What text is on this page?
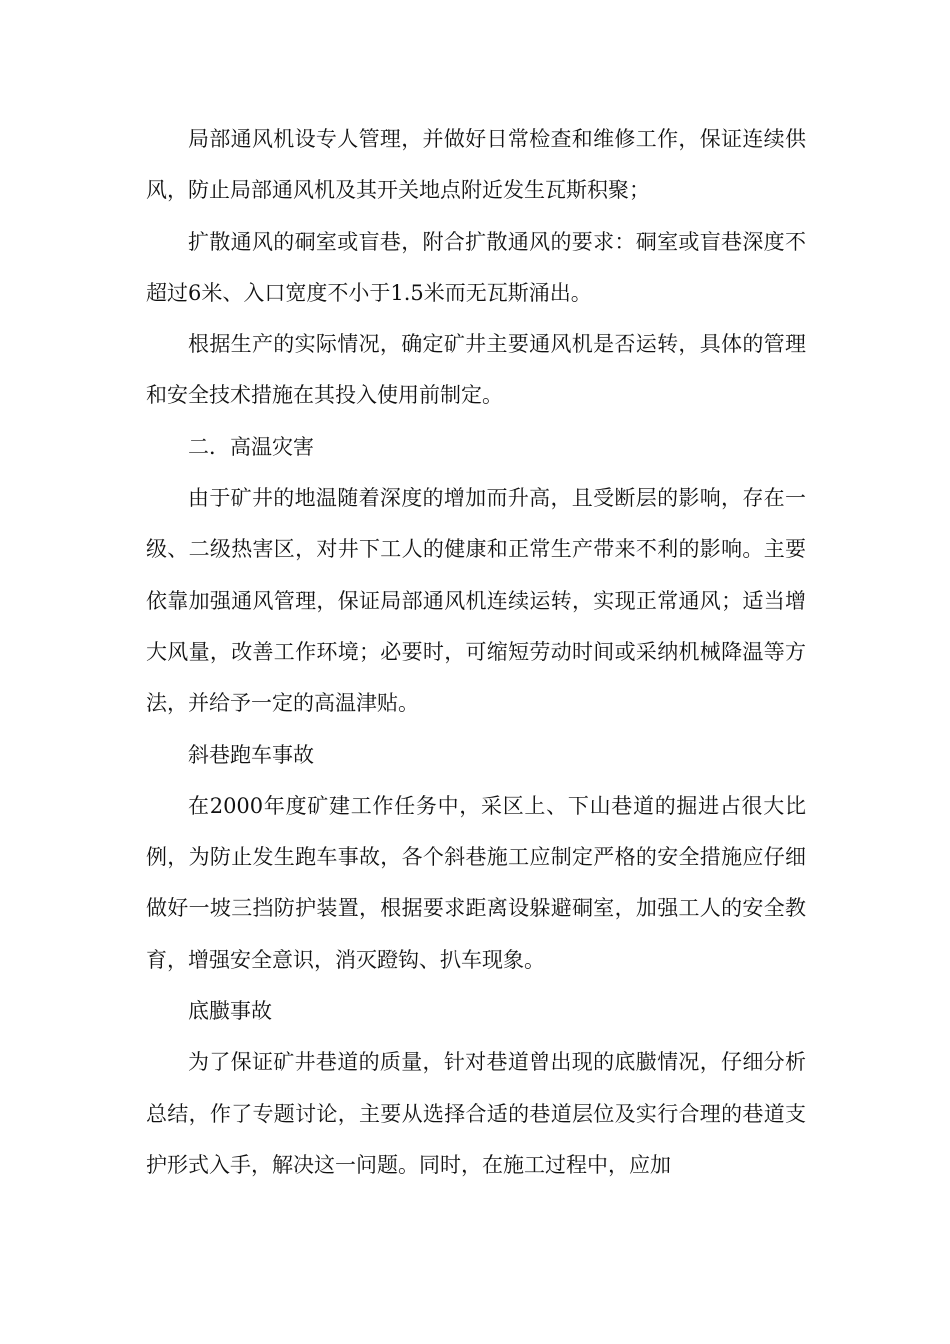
局部通风机设专人管理，并做好日常检查和维修工作，保证连续供风，防止局部通风机及其开关地点附近发生瓦斯积聚；

扩散通风的硐室或盲巷，附合扩散通风的要求：硐室或盲巷深度不超过6米、入口宽度不小于1.5米而无瓦斯涌出。

根据生产的实际情况，确定矿井主要通风机是否运转，具体的管理和安全技术措施在其投入使用前制定。

二．高温灾害

由于矿井的地温随着深度的增加而升高，且受断层的影响，存在一级、二级热害区，对井下工人的健康和正常生产带来不利的影响。主要依靠加强通风管理，保证局部通风机连续运转，实现正常通风；适当增大风量，改善工作环境；必要时，可缩短劳动时间或采纳机械降温等方法，并给予一定的高温津贴。

斜巷跑车事故

在2000年度矿建工作任务中，采区上、下山巷道的掘进占很大比例，为防止发生跑车事故，各个斜巷施工应制定严格的安全措施应仔细做好一坡三挡防护装置，根据要求距离设躲避硐室，加强工人的安全教育，增强安全意识，消灭蹬钩、扒车现象。

底臌事故

为了保证矿井巷道的质量，针对巷道曾出现的底臌情况，仔细分析总结，作了专题讨论，主要从选择合适的巷道层位及实行合理的巷道支护形式入手，解决这一问题。同时，在施工过程中，应加
